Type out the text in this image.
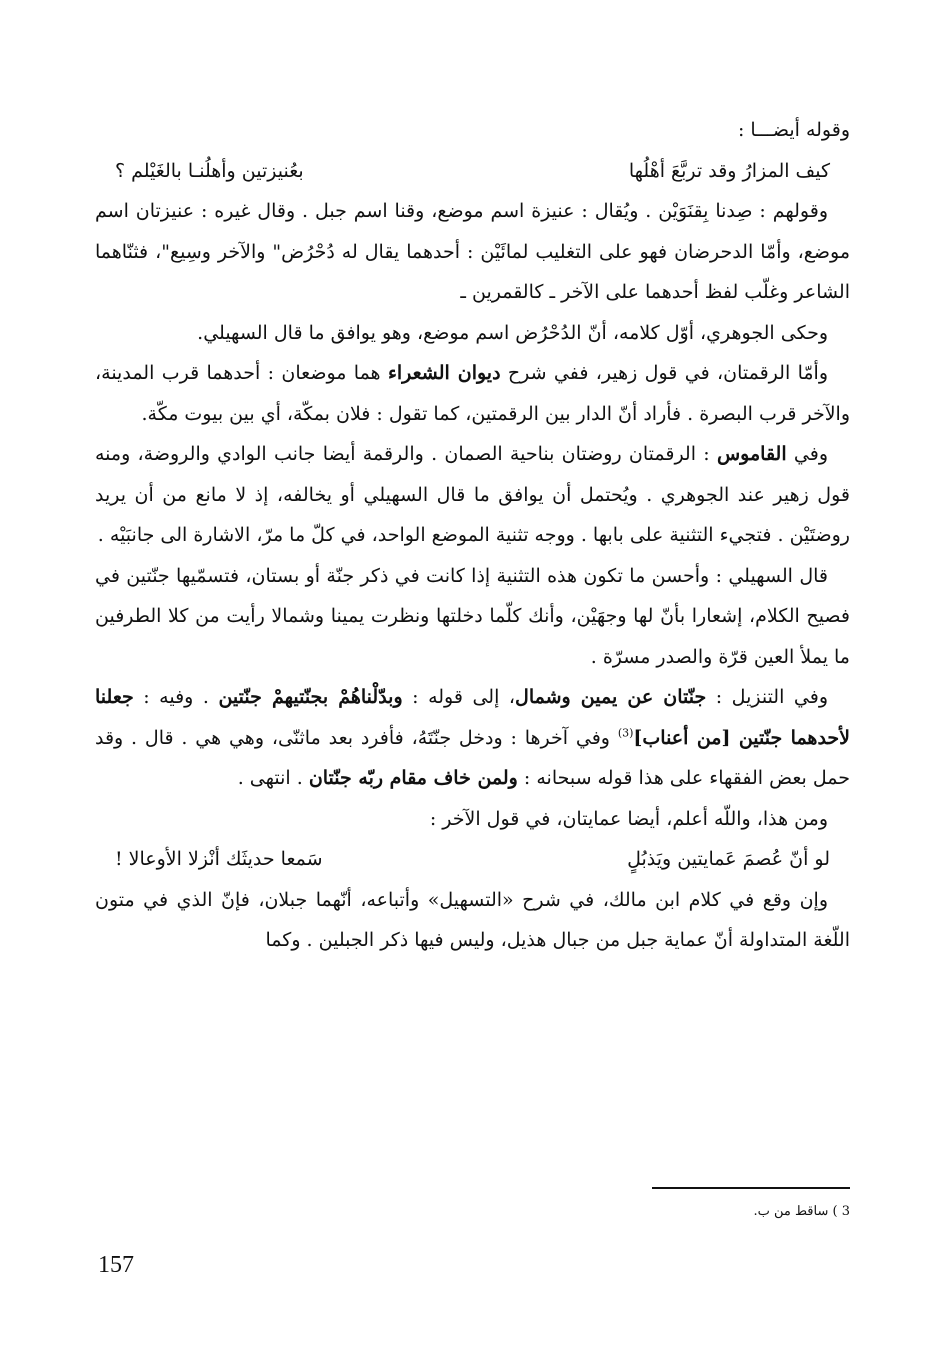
وقوله أيضـــا :

كيف المزارُ وقد تربَّعَ أهْلُها
بعُنيزتين وأهلُنـا بالغَيْلم ؟

وقولهم : صِدنا بِقنَوَيْن . ويُقال : عنيزة اسم موضع، وقنا اسم جبل . وقال غيره : عنيزتان اسم موضع، وأمّا الدحرضان فهو على التغليب لمائَيْن : أحدهما يقال له دُحْرُض" والآخر وسِيع"، فثنّاهما الشاعر وغلّب لفظ أحدهما على الآخر ـ كالقمرين ـ

وحكى الجوهري، أوّل كلامه، أنّ الدُحْرُض اسم موضع، وهو يوافق ما قال السهيلي.

وأمّا الرقمتان، في قول زهير، ففي شرح ديوان الشعراء هما موضعان : أحدهما قرب المدينة، والآخر قرب البصرة . فأراد أنّ الدار بين الرقمتين، كما تقول : فلان بمكّة، أي بين بيوت مكّة.

وفي القاموس : الرقمتان روضتان بناحية الصمان . والرقمة أيضا جانب الوادي والروضة، ومنه قول زهير عند الجوهري . ويُحتمل أن يوافق ما قال السهيلي أو يخالفه، إذ لا مانع من أن يريد روضتَيْن . فتجيء التثنية على بابها . ووجه تثنية الموضع الواحد، في كلّ ما مرّ، الاشارة الى جانبَيْه .

قال السهيلي : وأحسن ما تكون هذه التثنية إذا كانت في ذكر جنّة أو بستان، فتسمّيها جنّتين في فصيح الكلام، إشعارا بأنّ لها وجهَيْن، وأنك كلّما دخلتها ونظرت يمينا وشمالا رأيت من كلا الطرفين ما يملأ العين قرّة والصدر مسرّة .

وفي التنزيل : جنّتان عن يمين وشمال، إلى قوله : وبدّلْناهُمْ بجنّتيهمْ جنّتين . وفيه : جعلنا لأحدهما جنّتين [من أعناب]$^{(3)}$ وفي آخرها : ودخل جنّتَهُ، فأفرد بعد ماثنّى، وهي هي . قال . وقد حمل بعض الفقهاء على هذا قوله سبحانه : ولمن خاف مقام ربّه جنّتان . انتهى .

ومن هذا، واللّه أعلم، أيضا عمايتان، في قول الآخر :

لو أنّ عُصمَ عَمايتين ويَذبُلٍ
سَمعا حديثَك أنْزلا الأوعالا !

وإن وقع في كلام ابن مالك، في شرح «التسهيل» وأتباعه، أنّهما جبلان، فإنّ الذي في متون اللّغة المتداولة أنّ عماية جبل من جبال هذيل، وليس فيها ذكر الجبلين . وكما

3 ) ساقط من ب.
157
